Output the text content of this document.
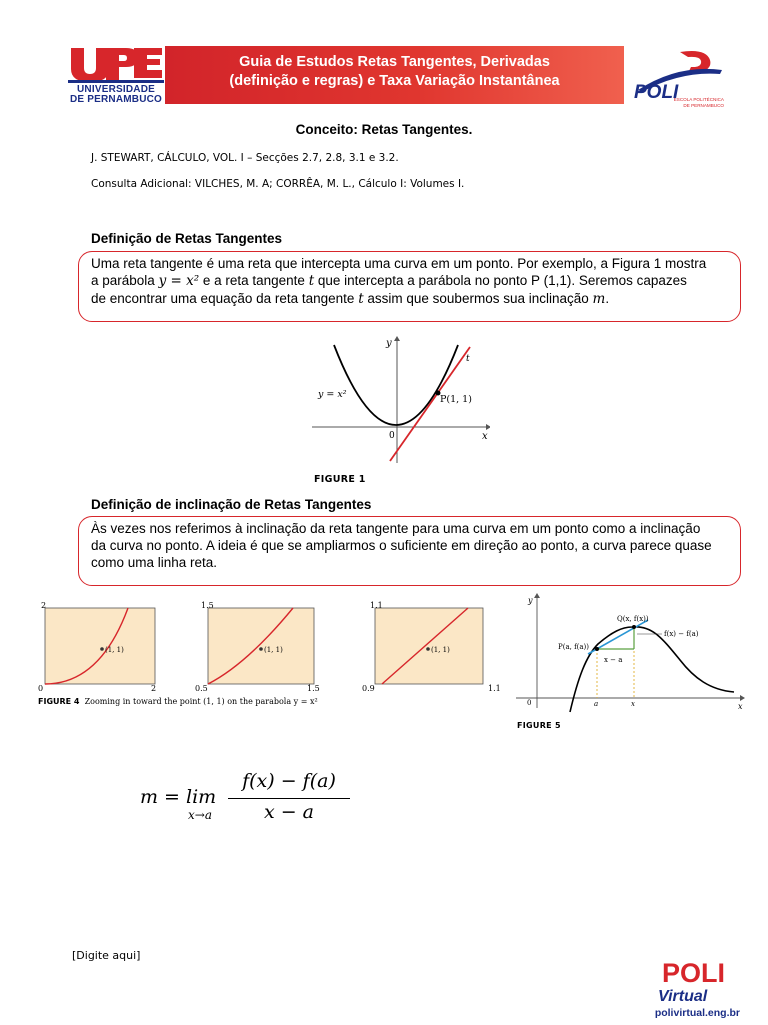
UNIVERSIDADE
DE PERNAMBUCO
Guia de Estudos Retas Tangentes, Derivadas
(definição e regras) e Taxa Variação Instantânea
POLI
ESCOLA POLITÉCNICA
DE PERNAMBUCO
Conceito: Retas Tangentes.
J. STEWART, CÁLCULO, VOL. I – Secções 2.7, 2.8, 3.1 e 3.2.
Consulta Adicional: VILCHES, M. A; CORRÊA, M. L., Cálculo I: Volumes I.
Definição de Retas Tangentes

Uma reta tangente é uma reta que intercepta uma curva em um ponto. Por exemplo, a Figura 1 mostra

a parábola y = x² e a reta tangente t que intercepta a parábola no ponto P (1,1). Seremos capazes

de encontrar uma equação da reta tangente t assim que soubermos sua inclinação m.

y
x
0
y = x²	P(1, 1)
t
FIGURE 1
Definição de inclinação de Retas Tangentes

Às vezes nos referimos à inclinação da reta tangente para uma curva em um ponto como a inclinação

da curva no ponto. A ideia é que se ampliarmos o suficiente em direção ao ponto, a curva parece quase

como uma linha reta.

(1, 1)
2
0	2
(1, 1)
1.5
0.5	1.5
(1, 1)
1.1
0.9	1.1
FIGURE 4 Zooming in toward the point (1, 1) on the parabola y = x²
y
x
0
Q(x, f(x))
P(a, f(a))
f(x) − f(a)
x − a
a	x
FIGURE 5
m = lim
x→a
f(x) − f(a)
x − a
[Digite aqui]
POLI
Virtual
polivirtual.eng.br
